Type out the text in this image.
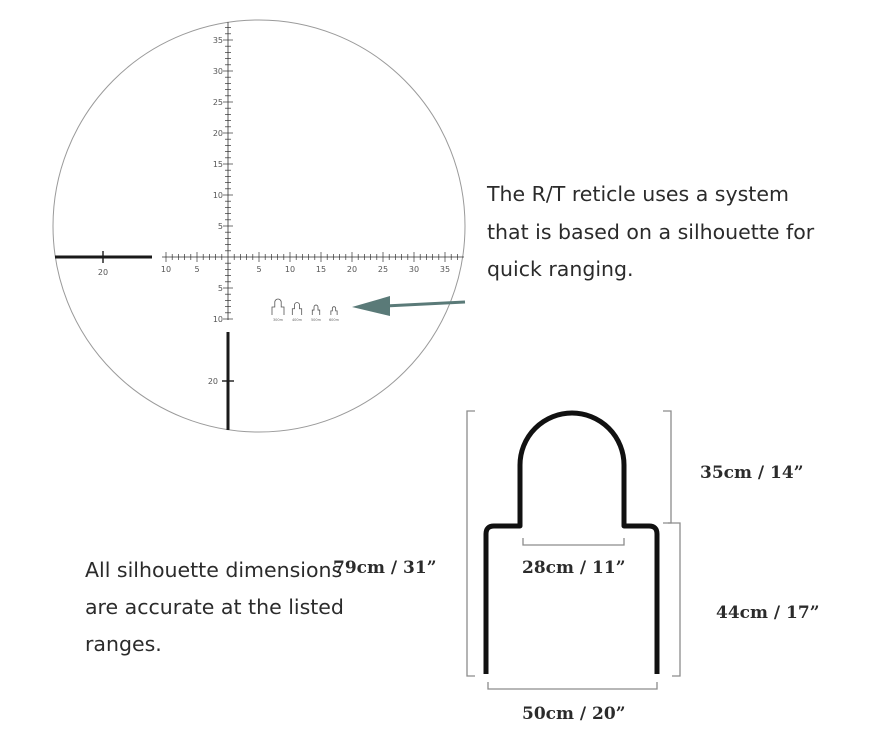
5	10	15	20	25	30	35
10	5
5
10
15
20
25
30
35
5
10
20
20
300m	400m	500m 600m
The R/T reticle uses a system that is based on a silhouette for quick ranging.
All silhouette dimensions are accurate at the listed ranges.
35cm / 14”
79cm / 31”	28cm / 11”
44cm / 17”
50cm / 20”
